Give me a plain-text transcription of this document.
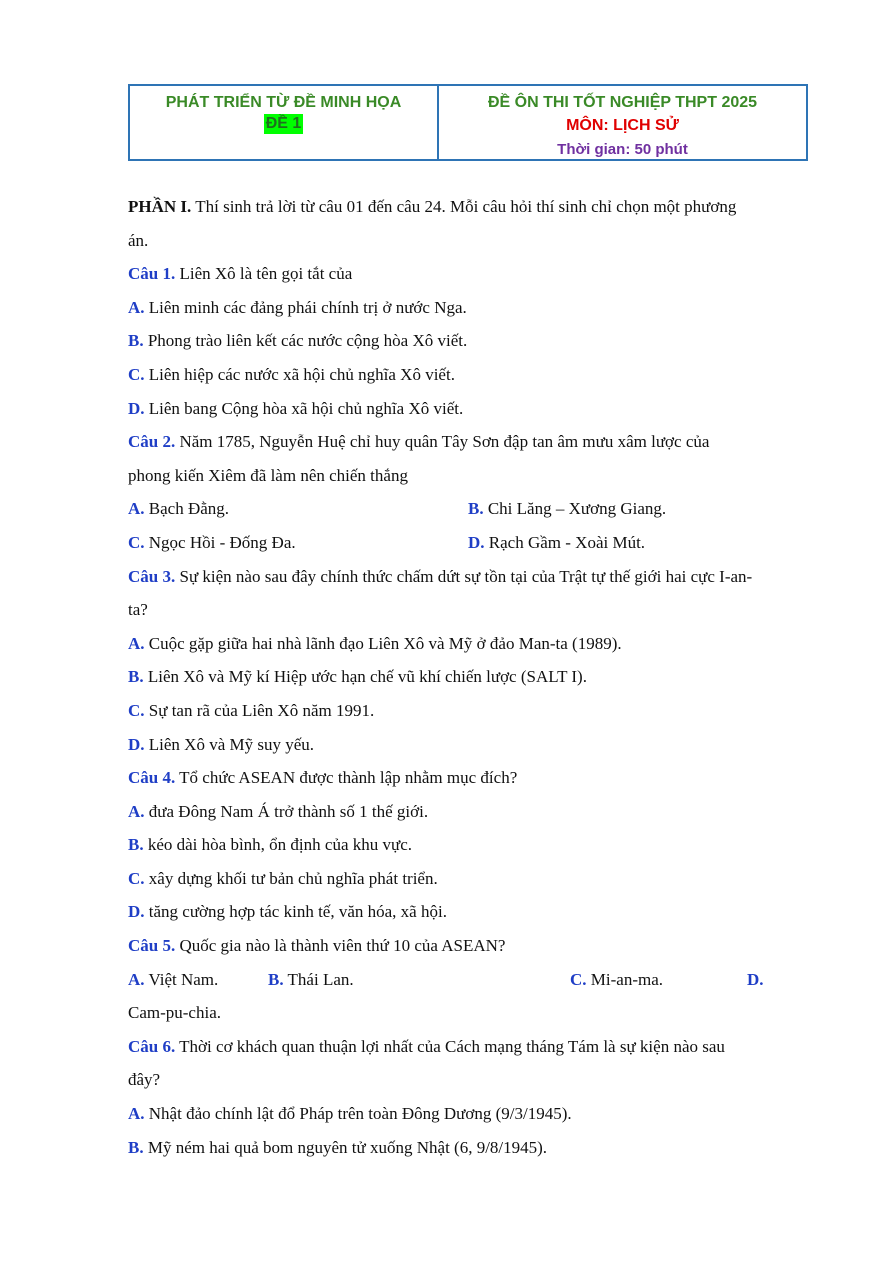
PHÁT TRIỂN TỪ ĐỀ MINH HỌA
ĐỀ 1
ĐỀ ÔN THI TỐT NGHIỆP THPT 2025
MÔN: LỊCH SỬ
Thời gian: 50 phút
PHẦN I. Thí sinh trả lời từ câu 01 đến câu 24. Mỗi câu hỏi thí sinh chỉ chọn một phương
án.
Câu 1. Liên Xô là tên gọi tắt của
A. Liên minh các đảng phái chính trị ở nước Nga.
B. Phong trào liên kết các nước cộng hòa Xô viết.
C. Liên hiệp các nước xã hội chủ nghĩa Xô viết.
D. Liên bang Cộng hòa xã hội chủ nghĩa Xô viết.
Câu 2. Năm 1785, Nguyễn Huệ chỉ huy quân Tây Sơn đập tan âm mưu xâm lược của
phong kiến Xiêm đã làm nên chiến thắng
A. Bạch Đằng.	B. Chi Lăng – Xương Giang.
C. Ngọc Hồi - Đống Đa.	D. Rạch Gầm - Xoài Mút.
Câu 3. Sự kiện nào sau đây chính thức chấm dứt sự tồn tại của Trật tự thế giới hai cực I-an-
ta?
A. Cuộc gặp giữa hai nhà lãnh đạo Liên Xô và Mỹ ở đảo Man-ta (1989).
B. Liên Xô và Mỹ kí Hiệp ước hạn chế vũ khí chiến lược (SALT I).
C. Sự tan rã của Liên Xô năm 1991.
D. Liên Xô và Mỹ suy yếu.
Câu 4. Tổ chức ASEAN được thành lập nhằm mục đích?
A. đưa Đông Nam Á trở thành số 1 thế giới.
B. kéo dài hòa bình, ổn định của khu vực.
C. xây dựng khối tư bản chủ nghĩa phát triển.
D. tăng cường hợp tác kinh tế, văn hóa, xã hội.
Câu 5. Quốc gia nào là thành viên thứ 10 của ASEAN?
A. Việt Nam.	B. Thái Lan.	C. Mi-an-ma.	D.
Cam-pu-chia.
Câu 6. Thời cơ khách quan thuận lợi nhất của Cách mạng tháng Tám là sự kiện nào sau
đây?
A. Nhật đảo chính lật đổ Pháp trên toàn Đông Dương (9/3/1945).
B. Mỹ ném hai quả bom nguyên tử xuống Nhật (6, 9/8/1945).
